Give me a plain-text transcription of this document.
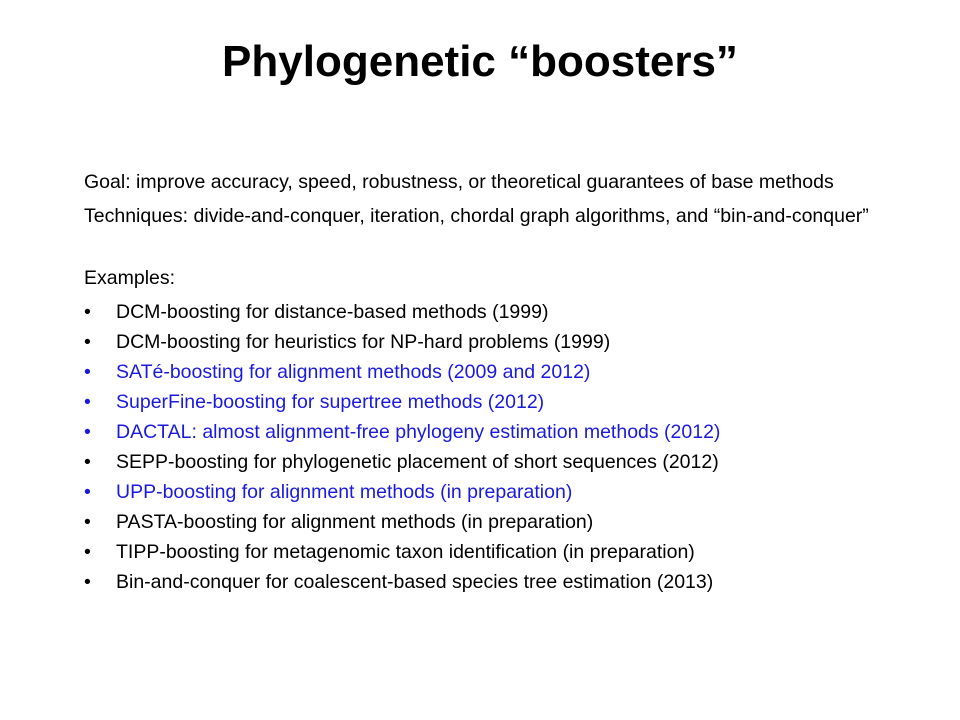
Phylogenetic “boosters”

Goal: improve accuracy, speed, robustness, or theoretical guarantees of base methods

Techniques: divide-and-conquer, iteration, chordal graph algorithms, and “bin-and-conquer”

Examples:

• DCM-boosting for distance-based methods (1999)
• DCM-boosting for heuristics for NP-hard problems (1999)
• SATé-boosting for alignment methods (2009 and 2012)
• SuperFine-boosting for supertree methods (2012)
• DACTAL: almost alignment-free phylogeny estimation methods (2012)
• SEPP-boosting for phylogenetic placement of short sequences (2012)
• UPP-boosting for alignment methods (in preparation)
• PASTA-boosting for alignment methods (in preparation)
• TIPP-boosting for metagenomic taxon identification (in preparation)
• Bin-and-conquer for coalescent-based species tree estimation (2013)
